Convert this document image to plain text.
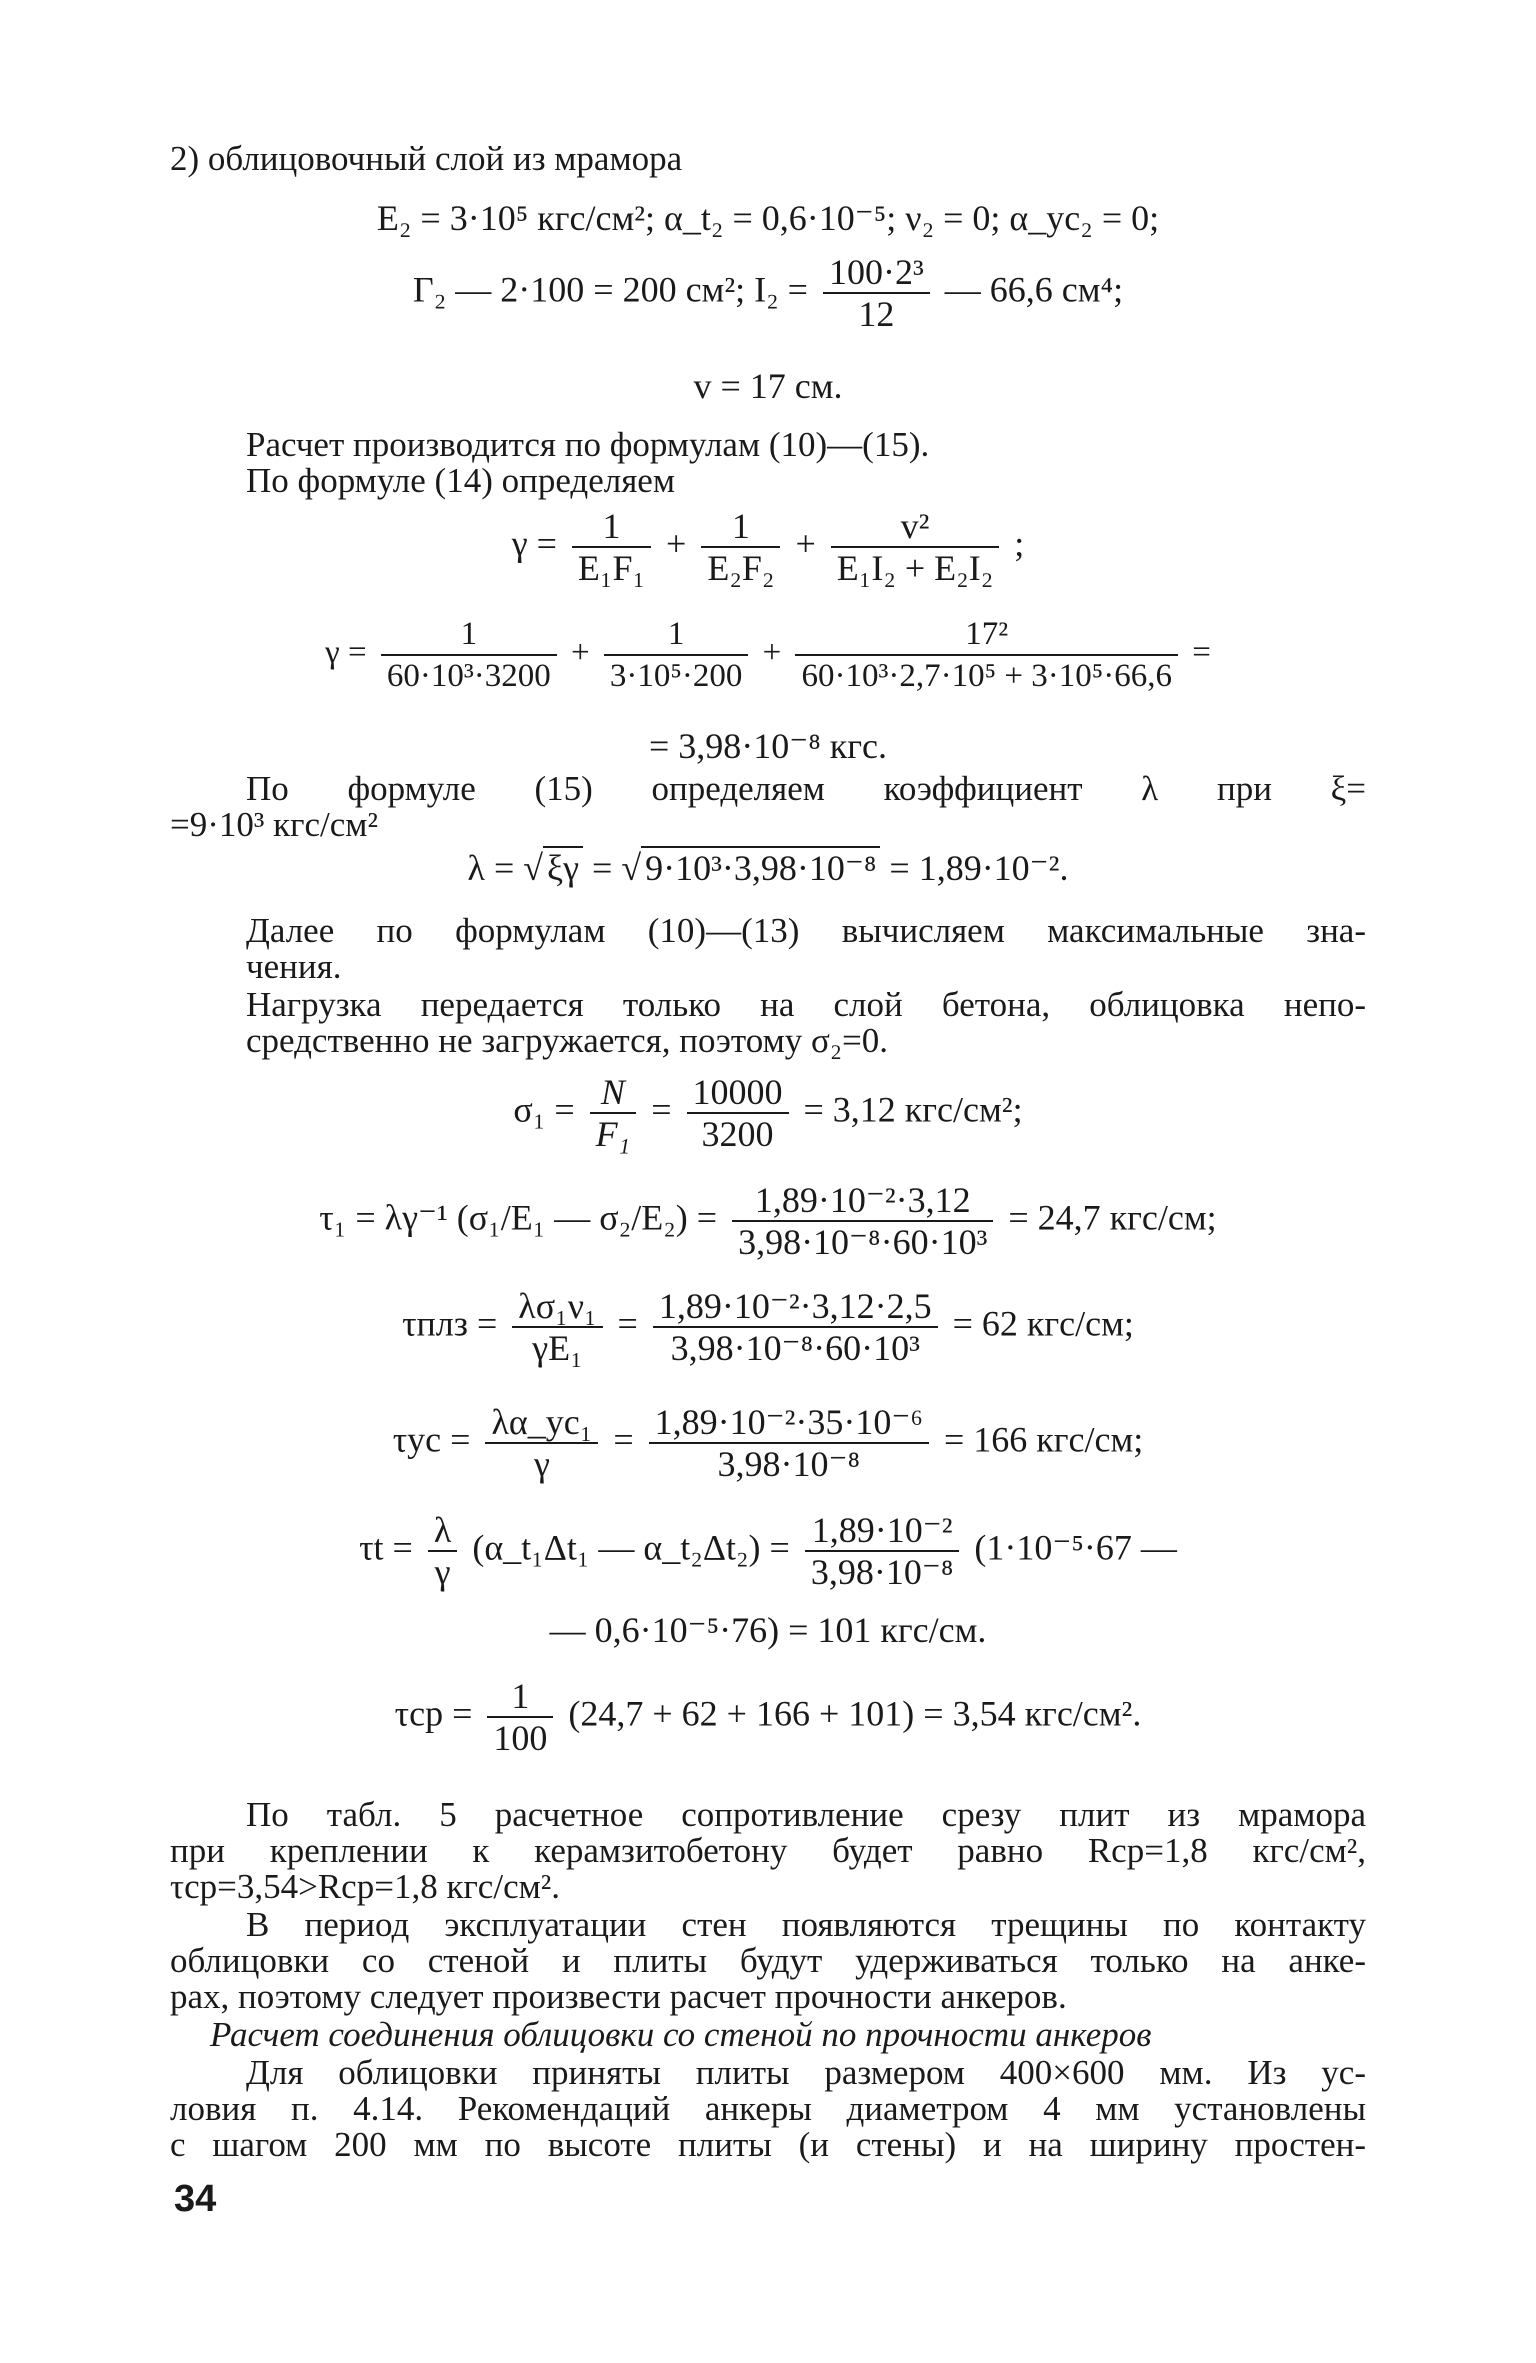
2) облицовочный слой из мрамора

E₂ = 3·10⁵ кгс/см²; α_t₂ = 0,6·10⁻⁵; ν₂ = 0; α_yc₂ = 0;

Г₂ — 2·100 = 200 см²; $I_2 = \frac{\text{100·2³}}{12}$ — 66,6 см⁴;

v = 17 см.

Расчет производится по формулам (10)—(15).

По формуле (14) определяем

$\gamma = \frac{1}{\text{E₁F₁}} + \frac{1}{\text{E₂F₂}} + \frac{\text{v²}}{\text{E₁I₂ + E₂I₂}}$ ;
$\gamma = \frac{1}{\text{60·10³·3200}} + \frac{1}{\text{3·10⁵·200}} + \frac{\text{17²}}{\text{60·10³·2,7·10⁵ + 3·10⁵·66,6}}$ =

= 3,98·10⁻⁸ кгс.

По формуле (15) определяем коэффициент λ при ξ=

=9·10³ кгс/см²

λ = √ ξγ = √ 9·10³·3,98·10⁻⁸ = 1,89·10⁻².

Далее по формулам (10)—(13) вычисляем максимальные зна-

чения.

Нагрузка передается только на слой бетона, облицовка непо-

средственно не загружается, поэтому σ₂=0.

$\sigma_1 = \frac{N}{\text{F₁}} = \frac{10000}{3200} = 3,12$ кгс/см²;
τ₁ = λγ⁻¹ (σ₁/E₁ — $\sigma_2/E_2) = \frac{\text{1,89·10⁻²·3,12}}{\text{3,98·10⁻⁸·60·10³}} = 24,7$ кгс/см;
$\tau плз = \frac{\text{λσ₁ν₁}}{\text{γE₁}} = \frac{\text{1,89·10⁻²·3,12·2,5}}{\text{3,98·10⁻⁸·60·10³}} = 62$ кгс/см;
$\tau ус = \frac{\text{λα\_yc₁}}{\gamma} = \frac{\text{1,89·10⁻²·35·10⁻⁶}}{\text{3,98·10⁻⁸}} = 166$ кгс/см;
$\tau t = \frac{\lambda}{\gamma}$ (α_t₁Δt₁ — α_t₂Δt₂) = $\frac{\text{1,89·10⁻²}}{\text{3,98·10⁻⁸}} (1\cdot 10^{-5}\cdot 67$ —

— 0,6·10⁻⁵·76) = 101 кгс/см.

$\tau ср = \frac{1}{100} (24,7 + 62 + 166 + 101) = 3,54$ кгс/см².

По табл. 5 расчетное сопротивление срезу плит из мрамора

при креплении к керамзитобетону будет равно Rср=1,8 кгс/см²,

τср=3,54>Rср=1,8 кгс/см².

В период эксплуатации стен появляются трещины по контакту

облицовки со стеной и плиты будут удерживаться только на анке-

рах, поэтому следует произвести расчет прочности анкеров.

Расчет соединения облицовки со стеной по прочности анкеров

Для облицовки приняты плиты размером 400×600 мм. Из ус-

ловия п. 4.14. Рекомендаций анкеры диаметром 4 мм установлены

с шагом 200 мм по высоте плиты (и стены) и на ширину простен-

34
